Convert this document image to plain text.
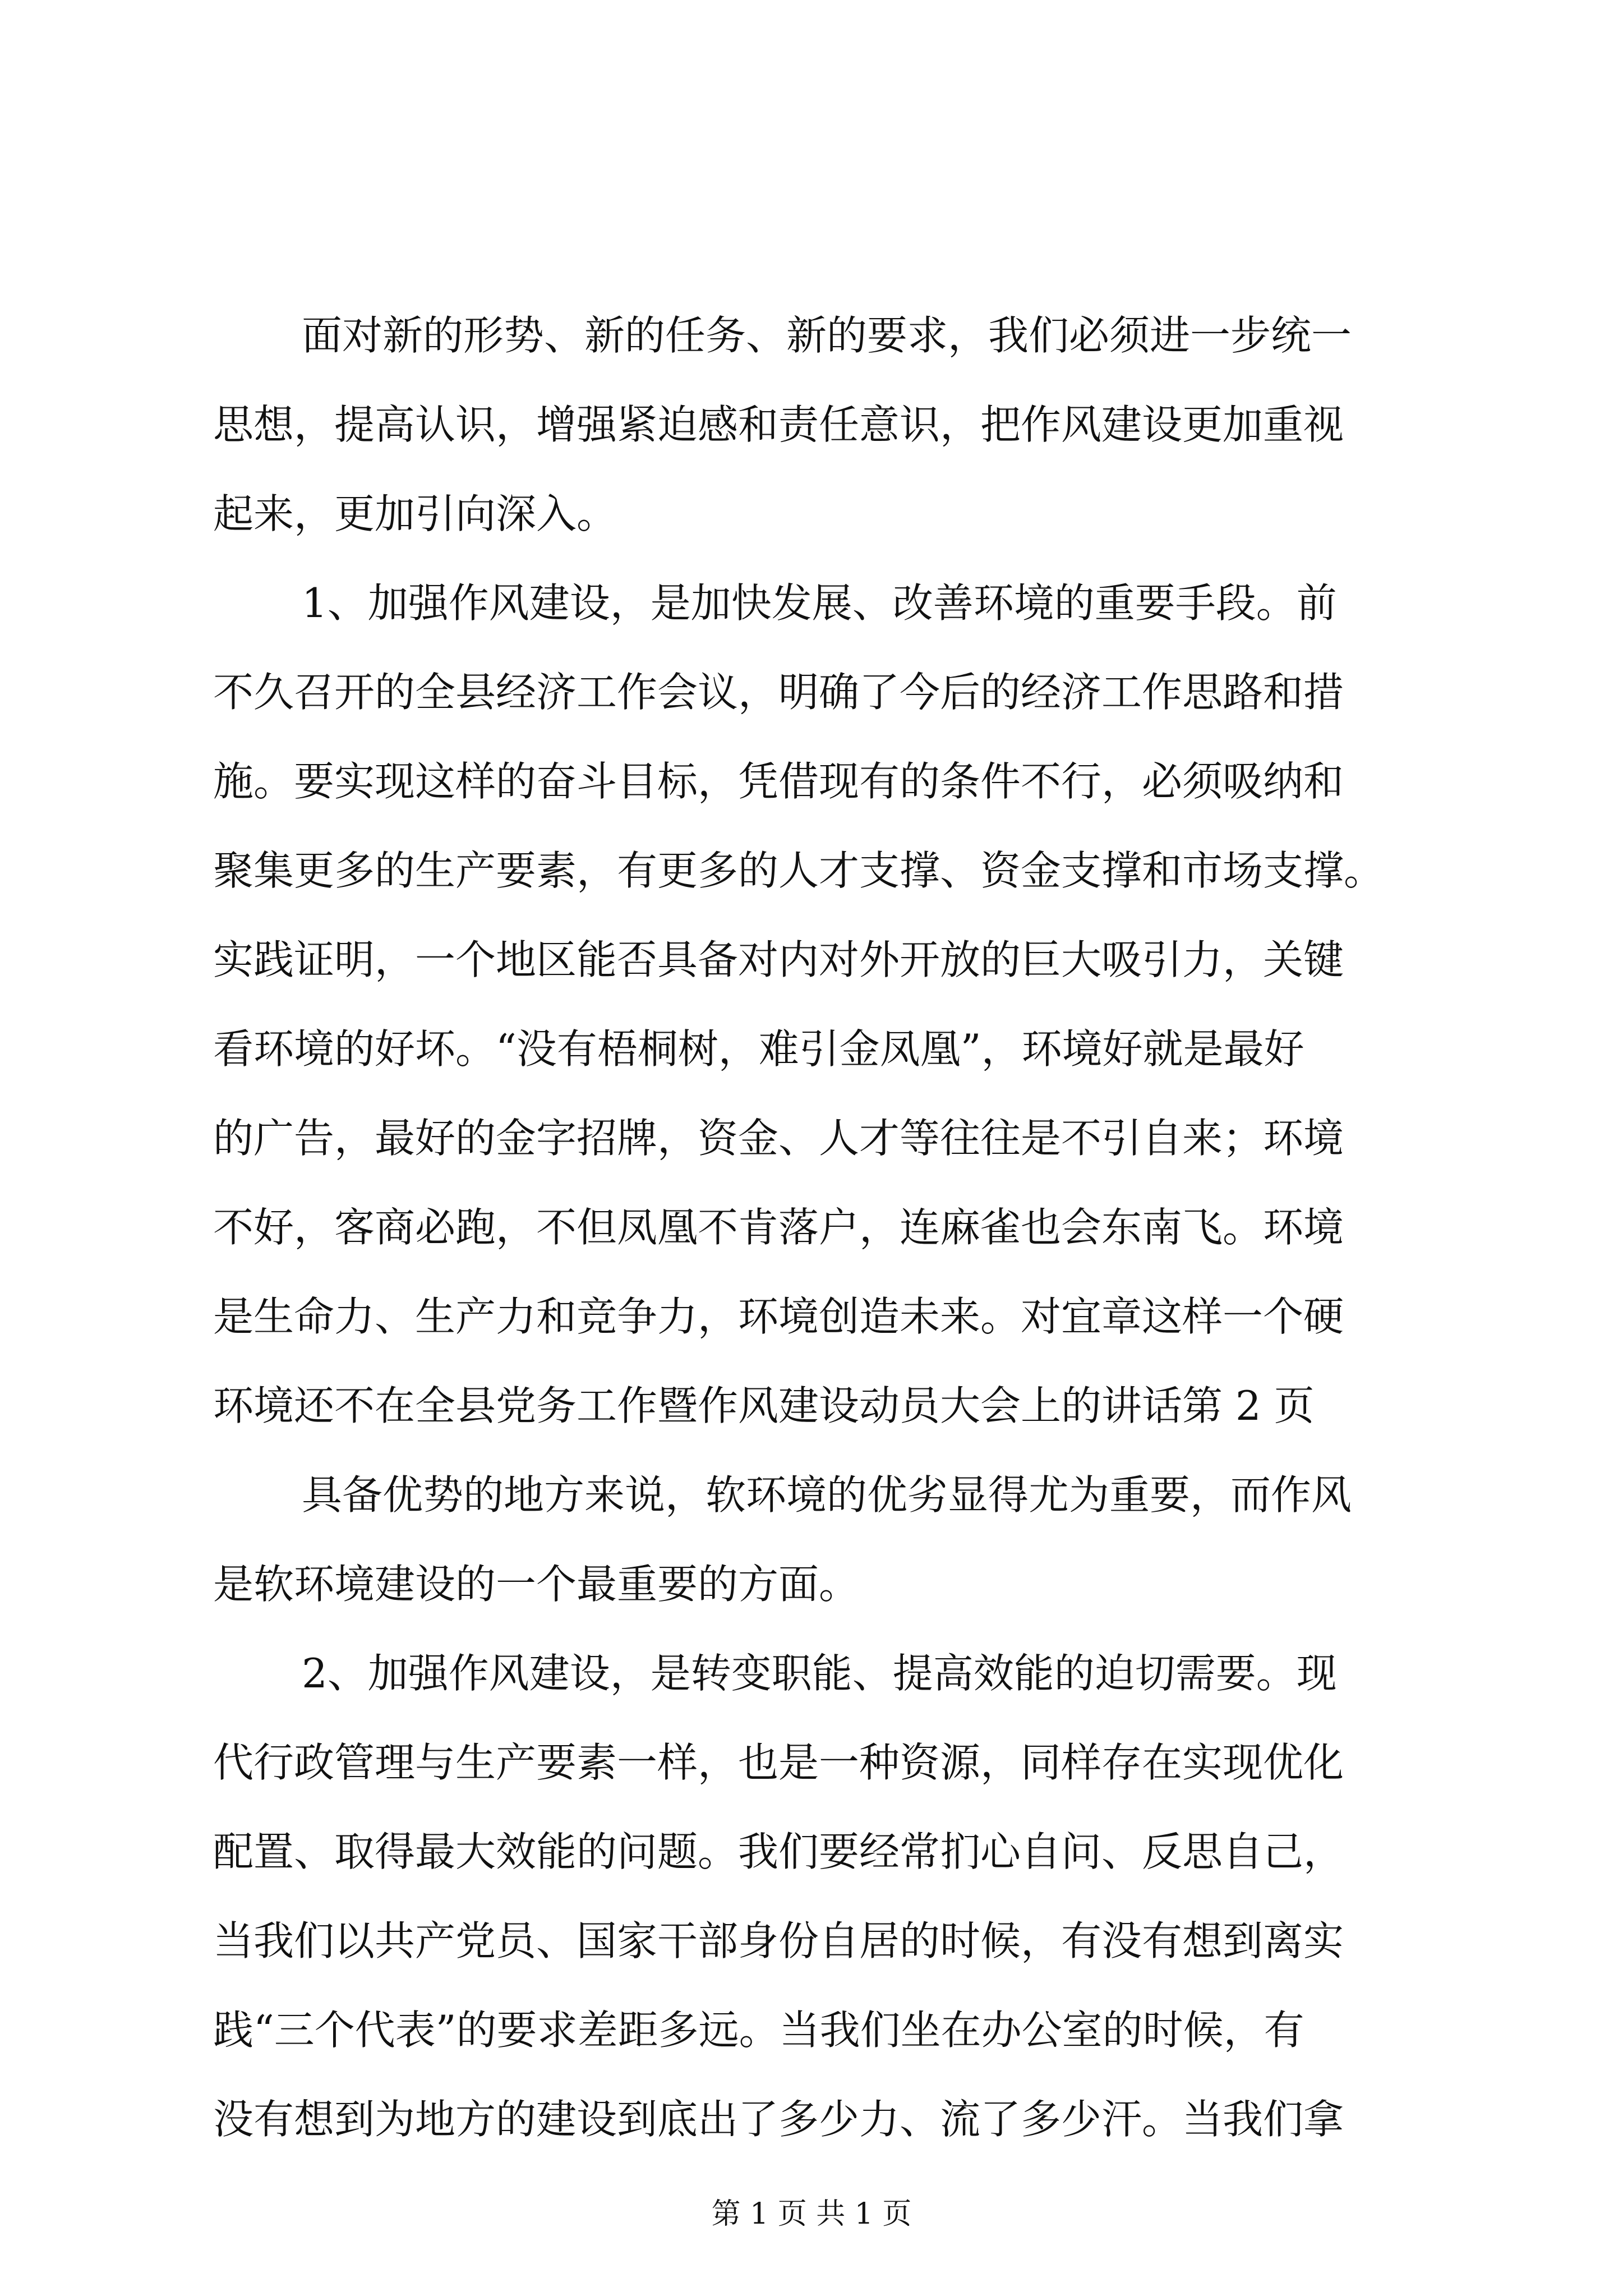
面对新的形势、新的任务、新的要求，我们必须进一步统一
思想，提高认识，增强紧迫感和责任意识，把作风建设更加重视
起来，更加引向深入。
1、加强作风建设，是加快发展、改善环境的重要手段。前
不久召开的全县经济工作会议，明确了今后的经济工作思路和措
施。要实现这样的奋斗目标，凭借现有的条件不行，必须吸纳和
聚集更多的生产要素，有更多的人才支撑、资金支撑和市场支撑。
实践证明，一个地区能否具备对内对外开放的巨大吸引力，关键
看环境的好坏。“没有梧桐树，难引金凤凰”，环境好就是最好
的广告，最好的金字招牌，资金、人才等往往是不引自来；环境
不好，客商必跑，不但凤凰不肯落户，连麻雀也会东南飞。环境
是生命力、生产力和竞争力，环境创造未来。对宜章这样一个硬
环境还不在全县党务工作暨作风建设动员大会上的讲话第 2 页
具备优势的地方来说，软环境的优劣显得尤为重要，而作风
是软环境建设的一个最重要的方面。
2、加强作风建设，是转变职能、提高效能的迫切需要。现
代行政管理与生产要素一样，也是一种资源，同样存在实现优化
配置、取得最大效能的问题。我们要经常扪心自问、反思自己，
当我们以共产党员、国家干部身份自居的时候，有没有想到离实
践“三个代表”的要求差距多远。当我们坐在办公室的时候，有
没有想到为地方的建设到底出了多少力、流了多少汗。当我们拿
第 1 页 共 1 页
